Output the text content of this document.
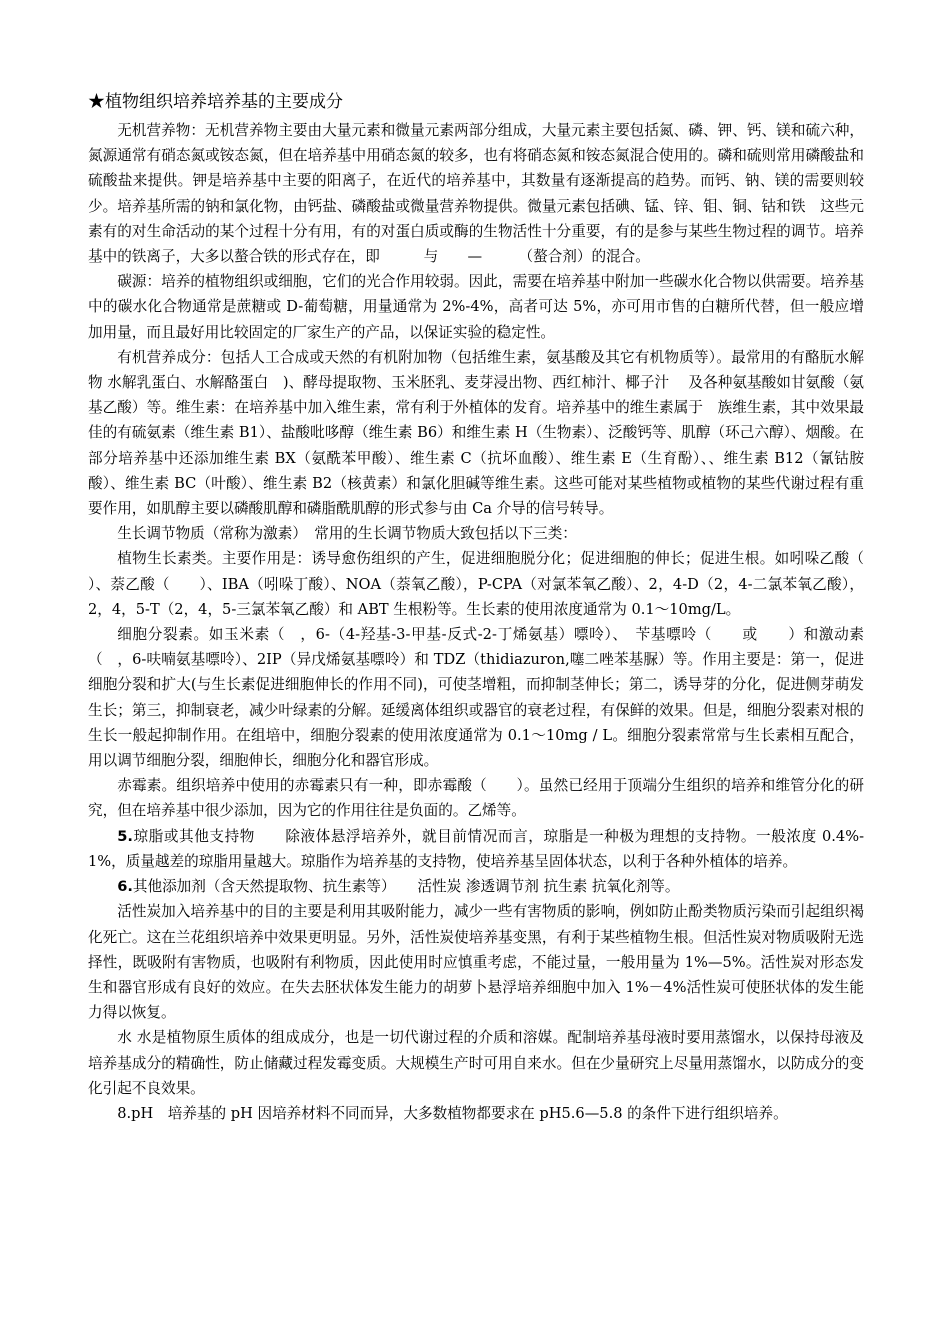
★植物组织培养培养基的主要成分

无机营养物：无机营养物主要由大量元素和微量元素两部分组成，大量元素主要包括氮、磷、钾、钙、镁和硫六种，氮源通常有硝态氮或铵态氮，但在培养基中用硝态氮的较多，也有将硝态氮和铵态氮混合使用的。磷和硫则常用磷酸盐和硫酸盐来提供。钾是培养基中主要的阳离子，在近代的培养基中，其数量有逐渐提高的趋势。而钙、钠、镁的需要则较少。培养基所需的钠和氯化物，由钙盐、磷酸盐或微量营养物提供。微量元素包括碘、锰、锌、钼、铜、钴和铁　这些元素有的对生命活动的某个过程十分有用，有的对蛋白质或酶的生物活性十分重要，有的是参与某些生物过程的调节。培养基中的铁离子，大多以螯合铁的形式存在，即　　　与　　—　　　（螯合剂）的混合。

碳源：培养的植物组织或细胞，它们的光合作用较弱。因此，需要在培养基中附加一些碳水化合物以供需要。培养基中的碳水化合物通常是蔗糖或 D-葡萄糖，用量通常为 2%-4%，高者可达 5%，亦可用市售的白糖所代替，但一般应增加用量，而且最好用比较固定的厂家生产的产品，以保证实验的稳定性。

有机营养成分：包括人工合成或天然的有机附加物（包括维生素，氨基酸及其它有机物质等）。最常用的有酪朊水解物 水解乳蛋白、水解酪蛋白　)、酵母提取物、玉米胚乳、麦芽浸出物、西红柿汁、椰子汁　 及各种氨基酸如甘氨酸（氨基乙酸）等。维生素：在培养基中加入维生素，常有利于外植体的发育。培养基中的维生素属于　族维生素，其中效果最佳的有硫氨素（维生素 B1）、盐酸吡哆醇（维生素 B6）和维生素 H（生物素）、泛酸钙等、肌醇（环己六醇）、烟酸。在部分培养基中还添加维生素 BX（氨酰苯甲酸）、维生素 C（抗坏血酸）、维生素 E（生育酚）、、维生素 B12（氰钴胺酸）、维生素 BC（叶酸）、维生素 B2（核黄素）和氯化胆碱等维生素。这些可能对某些植物或植物的某些代谢过程有重要作用，如肌醇主要以磷酸肌醇和磷脂酰肌醇的形式参与由 Ca 介导的信号转导。

生长调节物质（常称为激素）　常用的生长调节物质大致包括以下三类：

植物生长素类。主要作用是：诱导愈伤组织的产生，促进细胞脱分化；促进细胞的伸长；促进生根。如吲哚乙酸（　　）、萘乙酸（　　）、IBA（吲哚丁酸）、NOA（萘氧乙酸），P-CPA（对氯苯氧乙酸）、2，4-D（2，4-二氯苯氧乙酸），2，4，5-T（2，4，5-三氯苯氧乙酸）和 ABT 生根粉等。生长素的使用浓度通常为 0.1～10mg/L。

细胞分裂素。如玉米素（　，6-（4-羟基-3-甲基-反式-2-丁烯氨基）嘌呤）、　苄基嘌呤（　　或　　）和激动素（　，6-呋喃氨基嘌呤）、2IP（异戊烯氨基嘌呤）和 TDZ（thidiazuron,噻二唑苯基脲）等。作用主要是：第一，促进细胞分裂和扩大(与生长素促进细胞伸长的作用不同)，可使茎增粗，而抑制茎伸长；第二，诱导芽的分化，促进侧芽萌发生长；第三，抑制衰老，减少叶绿素的分解。延缓离体组织或器官的衰老过程，有保鲜的效果。但是，细胞分裂素对根的生长一般起抑制作用。在组培中，细胞分裂素的使用浓度通常为 0.1～10mg / L。细胞分裂素常常与生长素相互配合，用以调节细胞分裂，细胞伸长，细胞分化和器官形成。

赤霉素。组织培养中使用的赤霉素只有一种，即赤霉酸（　　）。虽然已经用于顶端分生组织的培养和维管分化的研究，但在培养基中很少添加，因为它的作用往往是负面的。乙烯等。

5.琼脂或其他支持物　　除液体悬浮培养外，就目前情况而言，琼脂是一种极为理想的支持物。一般浓度 0.4%-1%，质量越差的琼脂用量越大。琼脂作为培养基的支持物，使培养基呈固体状态，以利于各种外植体的培养。

6.其他添加剂（含天然提取物、抗生素等）　　活性炭 渗透调节剂 抗生素 抗氧化剂等。

活性炭加入培养基中的目的主要是利用其吸附能力，减少一些有害物质的影响，例如防止酚类物质污染而引起组织褐化死亡。这在兰花组织培养中效果更明显。另外，活性炭使培养基变黑，有利于某些植物生根。但活性炭对物质吸附无选择性，既吸附有害物质，也吸附有利物质，因此使用时应慎重考虑，不能过量，一般用量为 1%—5%。活性炭对形态发生和器官形成有良好的效应。在失去胚状体发生能力的胡萝卜悬浮培养细胞中加入 1%－4%活性炭可使胚状体的发生能力得以恢复。

水 水是植物原生质体的组成成分，也是一切代谢过程的介质和溶媒。配制培养基母液时要用蒸馏水，以保持母液及培养基成分的精确性，防止储藏过程发霉变质。大规模生产时可用自来水。但在少量研究上尽量用蒸馏水，以防成分的变化引起不良效果。

8.pH　培养基的 pH 因培养材料不同而异，大多数植物都要求在 pH5.6—5.8 的条件下进行组织培养。
